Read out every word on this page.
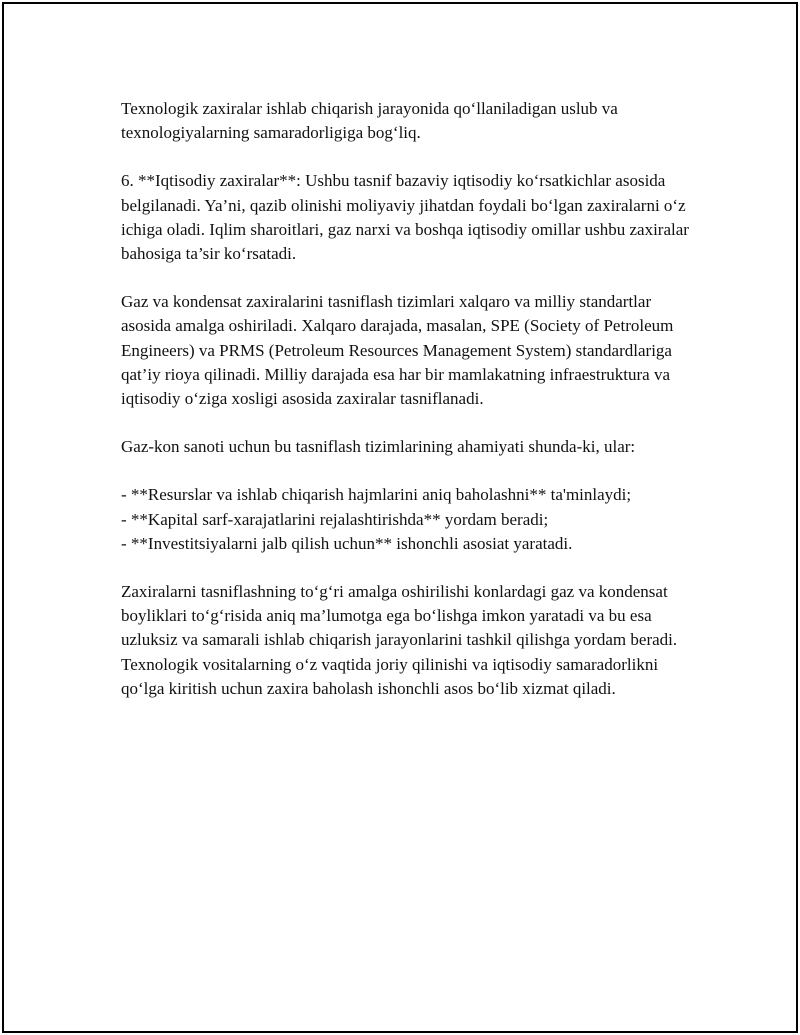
Texnologik zaxiralar ishlab chiqarish jarayonida qo‘llaniladigan uslub va texnologiyalarning samaradorligiga bog‘liq.

6. **Iqtisodiy zaxiralar**: Ushbu tasnif bazaviy iqtisodiy ko‘rsatkichlar asosida belgilanadi. Ya’ni, qazib olinishi moliyaviy jihatdan foydali bo‘lgan zaxiralarni o‘z ichiga oladi. Iqlim sharoitlari, gaz narxi va boshqa iqtisodiy omillar ushbu zaxiralar bahosiga ta’sir ko‘rsatadi.

Gaz va kondensat zaxiralarini tasniflash tizimlari xalqaro va milliy standartlar asosida amalga oshiriladi. Xalqaro darajada, masalan, SPE (Society of Petroleum Engineers) va PRMS (Petroleum Resources Management System) standardlariga qat’iy rioya qilinadi. Milliy darajada esa har bir mamlakatning infraestruktura va iqtisodiy o‘ziga xosligi asosida zaxiralar tasniflanadi.

Gaz-kon sanoti uchun bu tasniflash tizimlarining ahamiyati shunda-ki, ular:

- **Resurslar va ishlab chiqarish hajmlarini aniq baholashni** ta'minlaydi;

- **Kapital sarf-xarajatlarini rejalashtirishda** yordam beradi;

- **Investitsiyalarni jalb qilish uchun** ishonchli asosiat yaratadi.

Zaxiralarni tasniflashning to‘g‘ri amalga oshirilishi konlardagi gaz va kondensat boyliklari to‘g‘risida aniq ma’lumotga ega bo‘lishga imkon yaratadi va bu esa uzluksiz va samarali ishlab chiqarish jarayonlarini tashkil qilishga yordam beradi. Texnologik vositalarning o‘z vaqtida joriy qilinishi va iqtisodiy samaradorlikni qo‘lga kiritish uchun zaxira baholash ishonchli asos bo‘lib xizmat qiladi.
